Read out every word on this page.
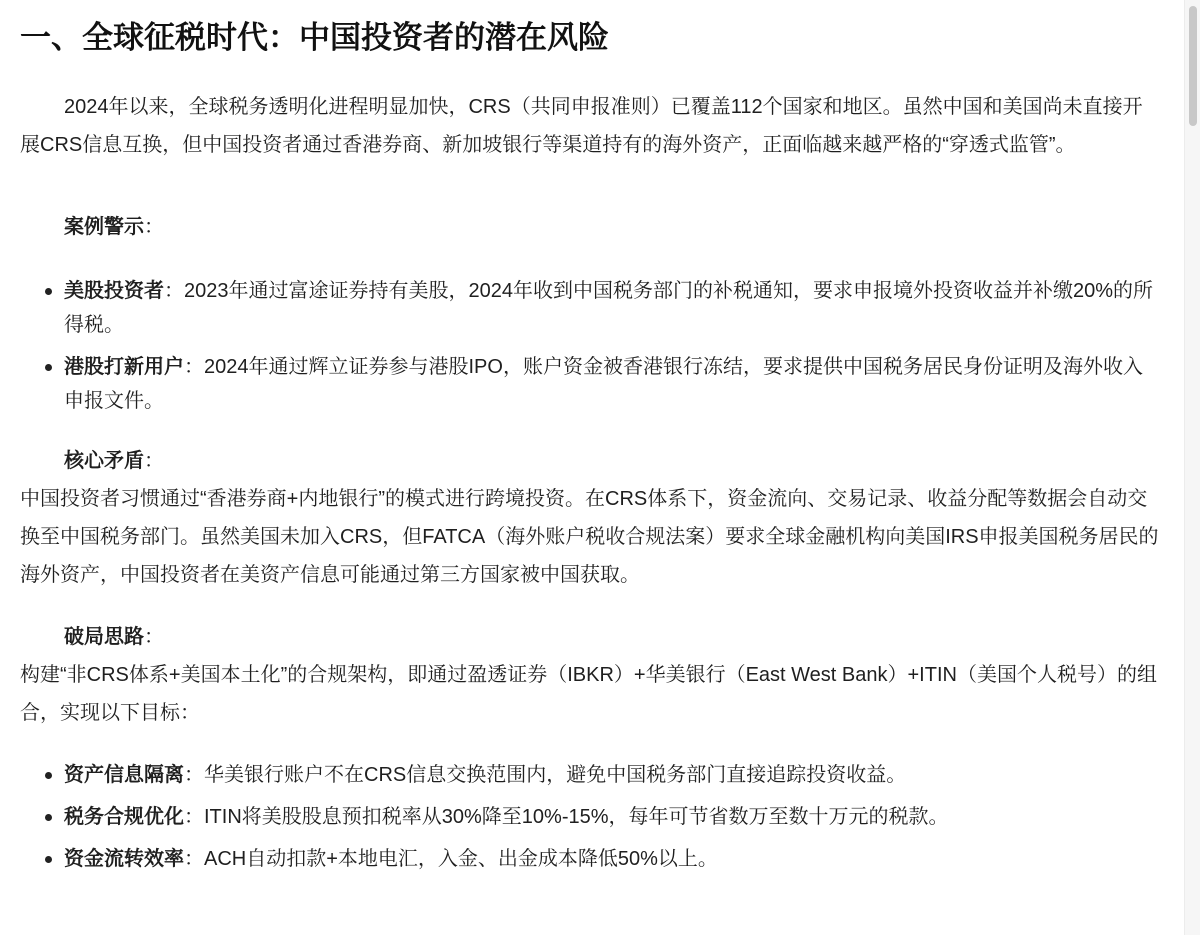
一、全球征税时代：中国投资者的潜在风险

2024年以来，全球税务透明化进程明显加快，CRS（共同申报准则）已覆盖112个国家和地区。虽然中国和美国尚未直接开展CRS信息互换，但中国投资者通过香港券商、新加坡银行等渠道持有的海外资产，正面临越来越严格的“穿透式监管”。

案例警示：

美股投资者：2023年通过富途证券持有美股，2024年收到中国税务部门的补税通知，要求申报境外投资收益并补缴20%的所得税。
港股打新用户：2024年通过辉立证券参与港股IPO，账户资金被香港银行冻结，要求提供中国税务居民身份证明及海外收入申报文件。

核心矛盾：

中国投资者习惯通过“香港券商+内地银行”的模式进行跨境投资。在CRS体系下，资金流向、交易记录、收益分配等数据会自动交换至中国税务部门。虽然美国未加入CRS，但FATCA（海外账户税收合规法案）要求全球金融机构向美国IRS申报美国税务居民的海外资产，中国投资者在美资产信息可能通过第三方国家被中国获取。

破局思路：

构建“非CRS体系+美国本土化”的合规架构，即通过盈透证券（IBKR）+华美银行（East West Bank）+ITIN（美国个人税号）的组合，实现以下目标：

资产信息隔离：华美银行账户不在CRS信息交换范围内，避免中国税务部门直接追踪投资收益。
税务合规优化：ITIN将美股股息预扣税率从30%降至10%-15%，每年可节省数万至数十万元的税款。
资金流转效率：ACH自动扣款+本地电汇，入金、出金成本降低50%以上。
